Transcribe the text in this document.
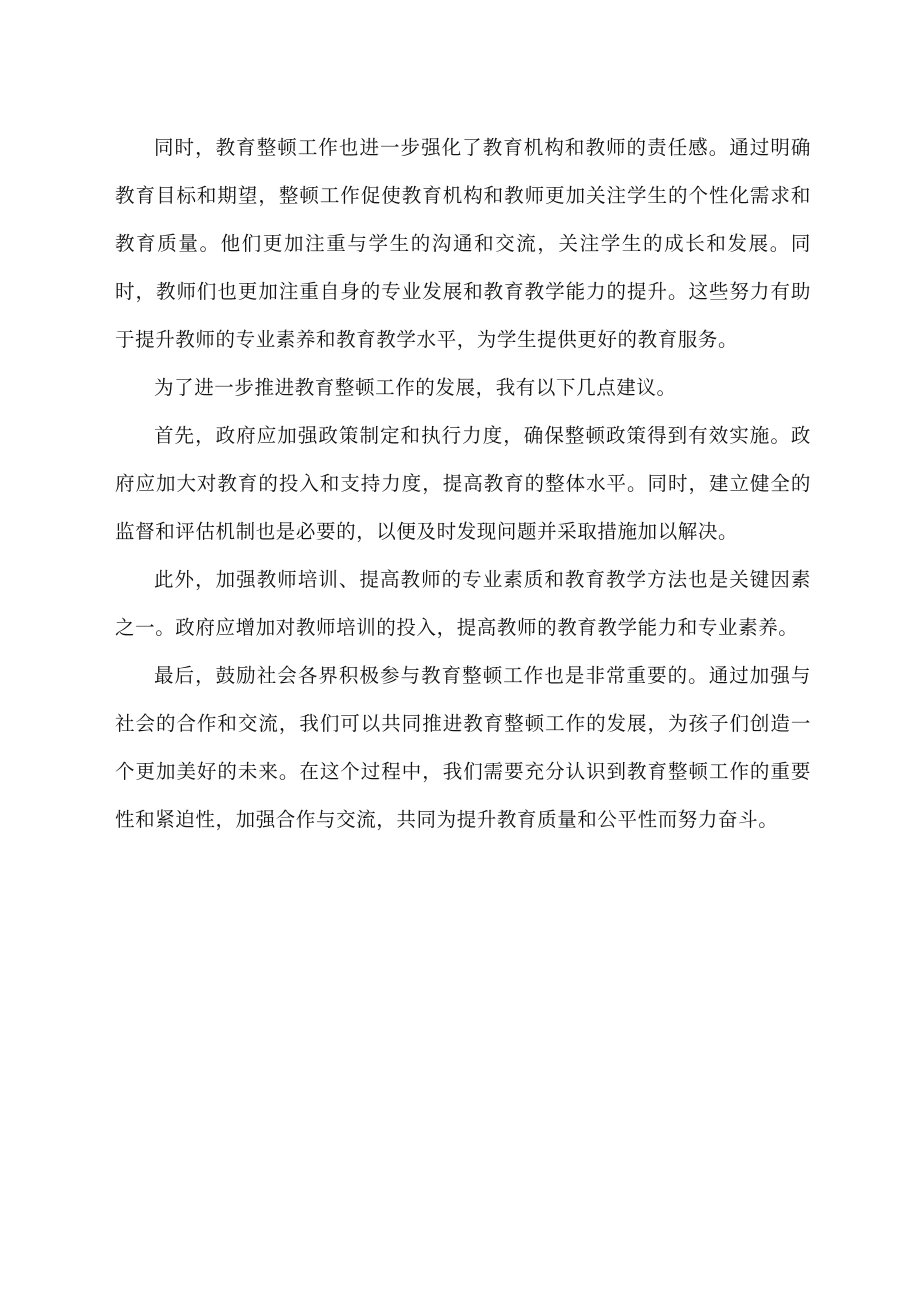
同时，教育整顿工作也进一步强化了教育机构和教师的责任感。通过明确教育目标和期望，整顿工作促使教育机构和教师更加关注学生的个性化需求和教育质量。他们更加注重与学生的沟通和交流，关注学生的成长和发展。同时，教师们也更加注重自身的专业发展和教育教学能力的提升。这些努力有助于提升教师的专业素养和教育教学水平，为学生提供更好的教育服务。

为了进一步推进教育整顿工作的发展，我有以下几点建议。

首先，政府应加强政策制定和执行力度，确保整顿政策得到有效实施。政府应加大对教育的投入和支持力度，提高教育的整体水平。同时，建立健全的监督和评估机制也是必要的，以便及时发现问题并采取措施加以解决。

此外，加强教师培训、提高教师的专业素质和教育教学方法也是关键因素之一。政府应增加对教师培训的投入，提高教师的教育教学能力和专业素养。

最后，鼓励社会各界积极参与教育整顿工作也是非常重要的。通过加强与社会的合作和交流，我们可以共同推进教育整顿工作的发展，为孩子们创造一个更加美好的未来。在这个过程中，我们需要充分认识到教育整顿工作的重要性和紧迫性，加强合作与交流，共同为提升教育质量和公平性而努力奋斗。
